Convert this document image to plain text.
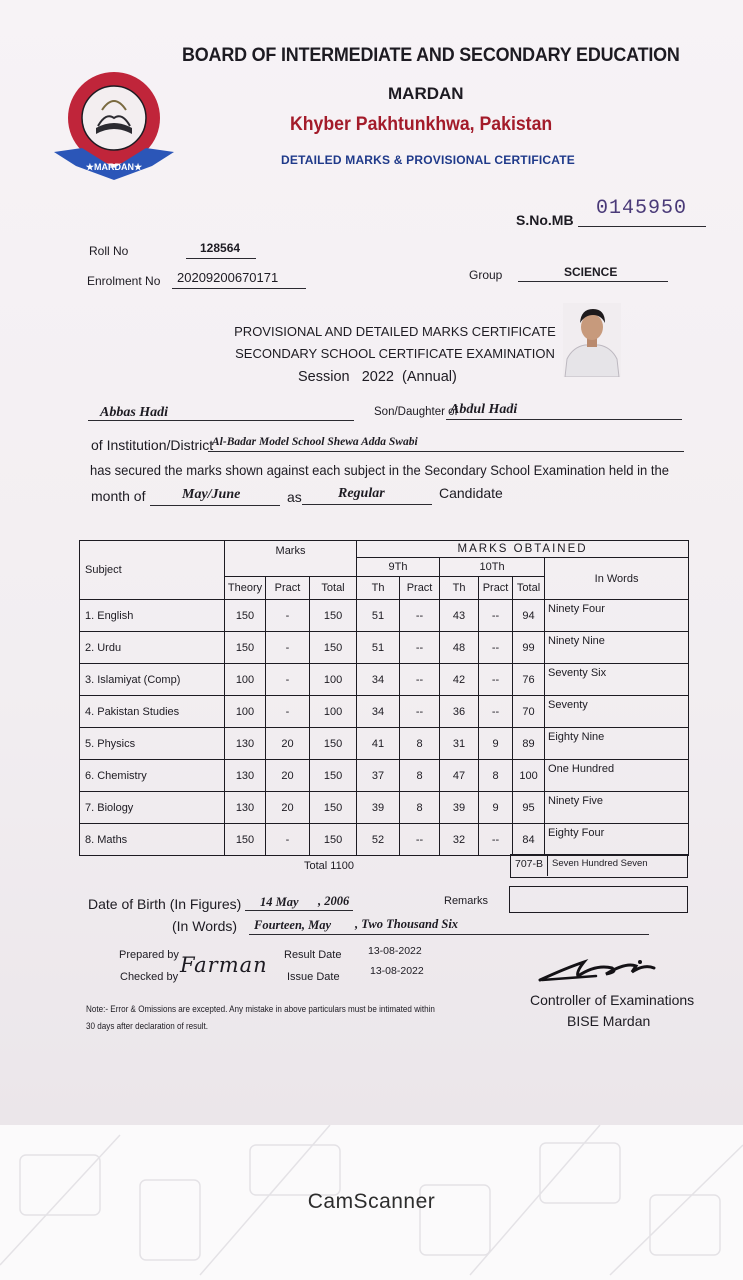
★MARDAN★
BOARD OF INTERMEDIATE AND SECONDARY EDUCATION
MARDAN
Khyber Pakhtunkhwa, Pakistan
DETAILED MARKS & PROVISIONAL CERTIFICATE
S.No.MB 0145950
Roll No	128564
Enrolment No 20209200670171	Group	SCIENCE
PROVISIONAL AND DETAILED MARKS CERTIFICATE
SECONDARY SCHOOL CERTIFICATE EXAMINATION
Session 2022 (Annual)
Abbas Hadi	Son/Daughter of
Abdul Hadi
of Institution/District
Al-Badar Model School Shewa Adda Swabi
has secured the marks shown against each subject in the Secondary School Examination held in the
month of	May/June	as	Regular	Candidate
Subject	Marks			MARKS OBTAINED					
				9Th		10Th			In Words
	Theory	Pract	Total	Th	Pract	Th	Pract	Total	
1. English	150	-	150	51	--	43	--	94	Ninety Four
2. Urdu	150	-	150	51	--	48	--	99	Ninety Nine
3. Islamiyat (Comp)	100	-	100	34	--	42	--	76	Seventy Six
4. Pakistan Studies	100	-	100	34	--	36	--	70	Seventy
5. Physics	130	20	150	41	8	31	9	89	Eighty Nine
6. Chemistry	130	20	150	37	8	47	8	100	One Hundred
7. Biology	130	20	150	39	8	39	9	95	Ninety Five
8. Maths	150	-	150	52	--	32	--	84	Eighty Four
Total 1100	707-B Seven Hundred Seven
Date of Birth (In Figures) 14 May , 2006
(In Words) Fourteen, May , Two Thousand Six
Remarks
Prepared by
Checked by Farman Result Date
Issue Date
13-08-2022
13-08-2022
Controller of Examinations
BISE Mardan
Note:- Error & Omissions are excepted. Any mistake in above particulars must be intimated within
30 days after declaration of result.
CamScanner
